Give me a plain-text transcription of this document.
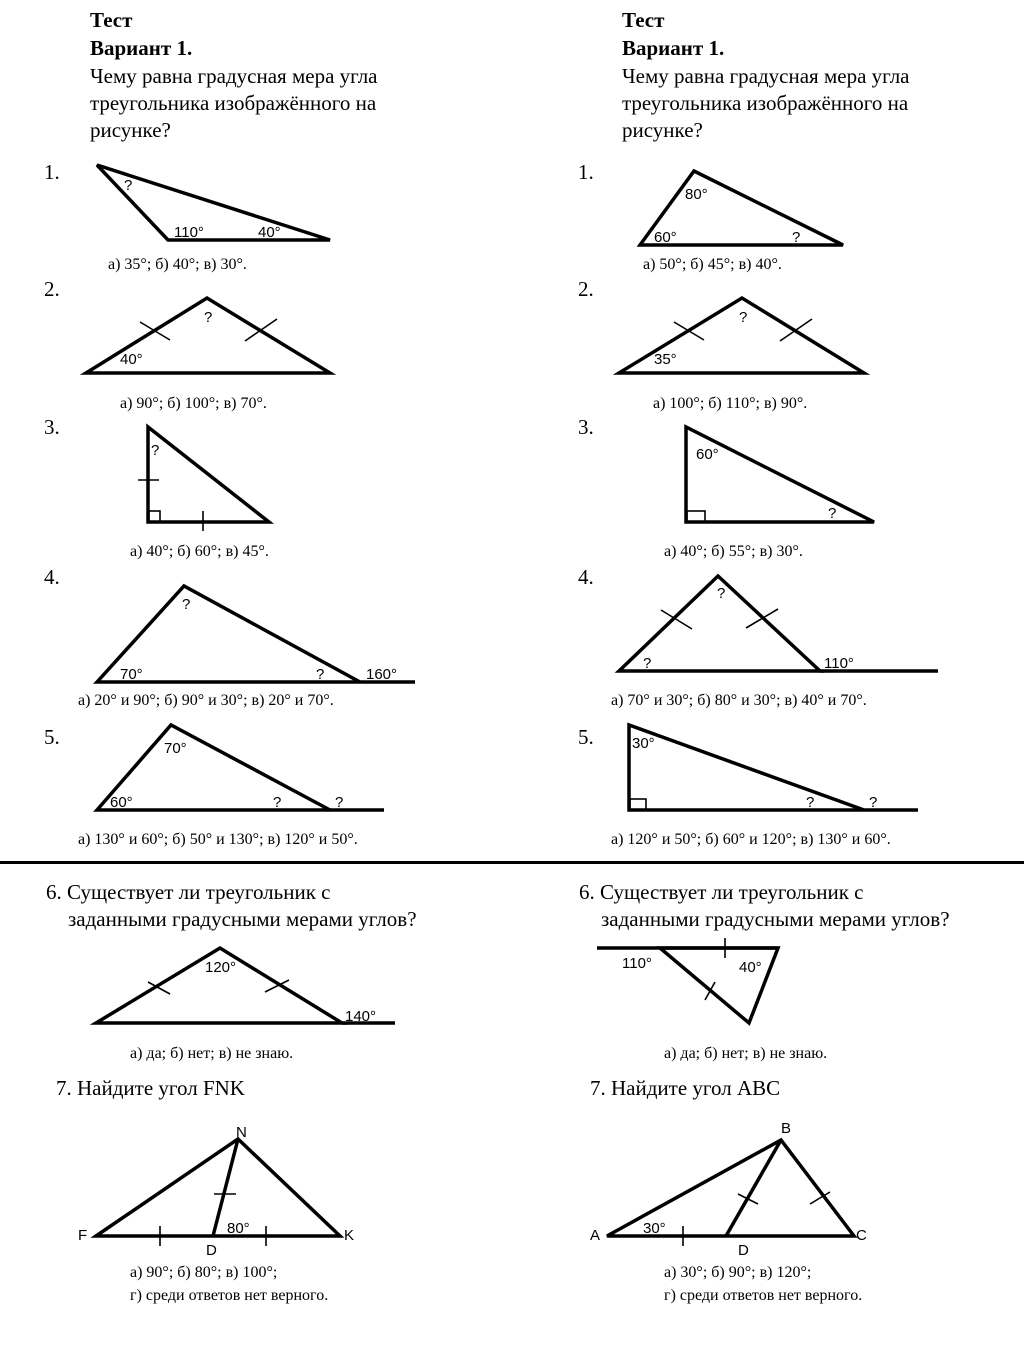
Тест
Вариант 1.
Чему равна градусная мера угла
треугольника изображённого на
рисунке?
1.
?
110°	40°
а) 35°; б) 40°; в) 30°.
2.
?
40°
а) 90°; б) 100°; в) 70°.
3.
?
а) 40°; б) 60°; в) 45°.
4.
?
70°	?	160°
а) 20° и 90°; б) 90° и 30°; в) 20° и 70°.
5.	70°
60°	?	?
а) 130° и 60°; б) 50° и 130°; в) 120° и 50°.
6. Существует ли треугольник с
заданными градусными мерами углов?
120°
140°
а) да; б) нет; в) не знаю.
7. Найдите угол FNK
N
F
D
K
80°
а) 90°; б) 80°; в) 100°;
г) среди ответов нет верного.
Тест
Вариант 1.
Чему равна градусная мера угла
треугольника изображённого на
рисунке?
1.
80°
60°	?
а) 50°; б) 45°; в) 40°.
2.
?
35°
а) 100°; б) 110°; в) 90°.
3.
60°
?
а) 40°; б) 55°; в) 30°.
4.
?
?	110°
а) 70° и 30°; б) 80° и 30°; в) 40° и 70°.
5.	30°
?	?
а) 120° и 50°; б) 60° и 120°; в) 130° и 60°.
6. Существует ли треугольник с
заданными градусными мерами углов?
110°	40°
а) да; б) нет; в) не знаю.
7. Найдите угол ABC
B
A
D
C
30°
а) 30°; б) 90°; в) 120°;
г) среди ответов нет верного.
